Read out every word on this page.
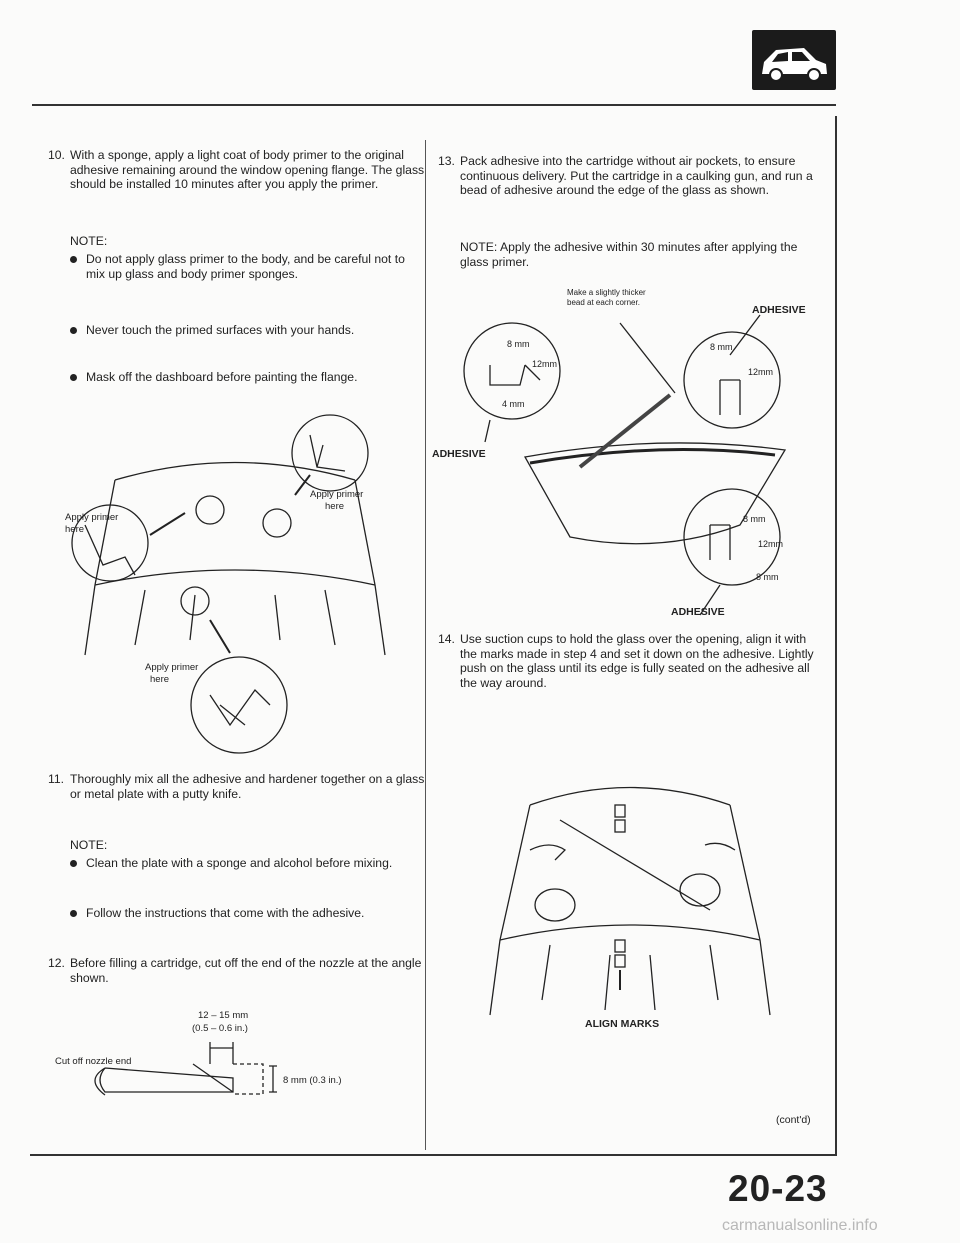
10. With a sponge, apply a light coat of body primer to the original adhesive remaining around the window opening flange. The glass should be installed 10 minutes after you apply the primer.
NOTE:
Do not apply glass primer to the body, and be careful not to mix up glass and body primer sponges.
Never touch the primed surfaces with your hands.
Mask off the dashboard before painting the flange.
Apply primer
here
Apply primer
here
Apply primer
here
11. Thoroughly mix all the adhesive and hardener together on a glass or metal plate with a putty knife.
NOTE:
Clean the plate with a sponge and alcohol before mixing.
Follow the instructions that come with the adhesive.
12. Before filling a cartridge, cut off the end of the nozzle at the angle shown.
Cut off nozzle end
12 – 15 mm
(0.5 – 0.6 in.)
8 mm (0.3 in.)
13. Pack adhesive into the cartridge without air pockets, to ensure continuous delivery. Put the cartridge in a caulking gun, and run a bead of adhesive around the edge of the glass as shown.
NOTE: Apply the adhesive within 30 minutes after applying the glass primer.
Make a slightly thicker
bead at each corner.
ADHESIVE
ADHESIVE
ADHESIVE
8 mm
12mm
4 mm
8 mm
12mm
8 mm
12mm
8 mm
14. Use suction cups to hold the glass over the opening, align it with the marks made in step 4 and set it down on the adhesive. Lightly push on the glass until its edge is fully seated on the adhesive all the way around.
ALIGN MARKS
(cont'd)
20-23
carmanualsonline.info
